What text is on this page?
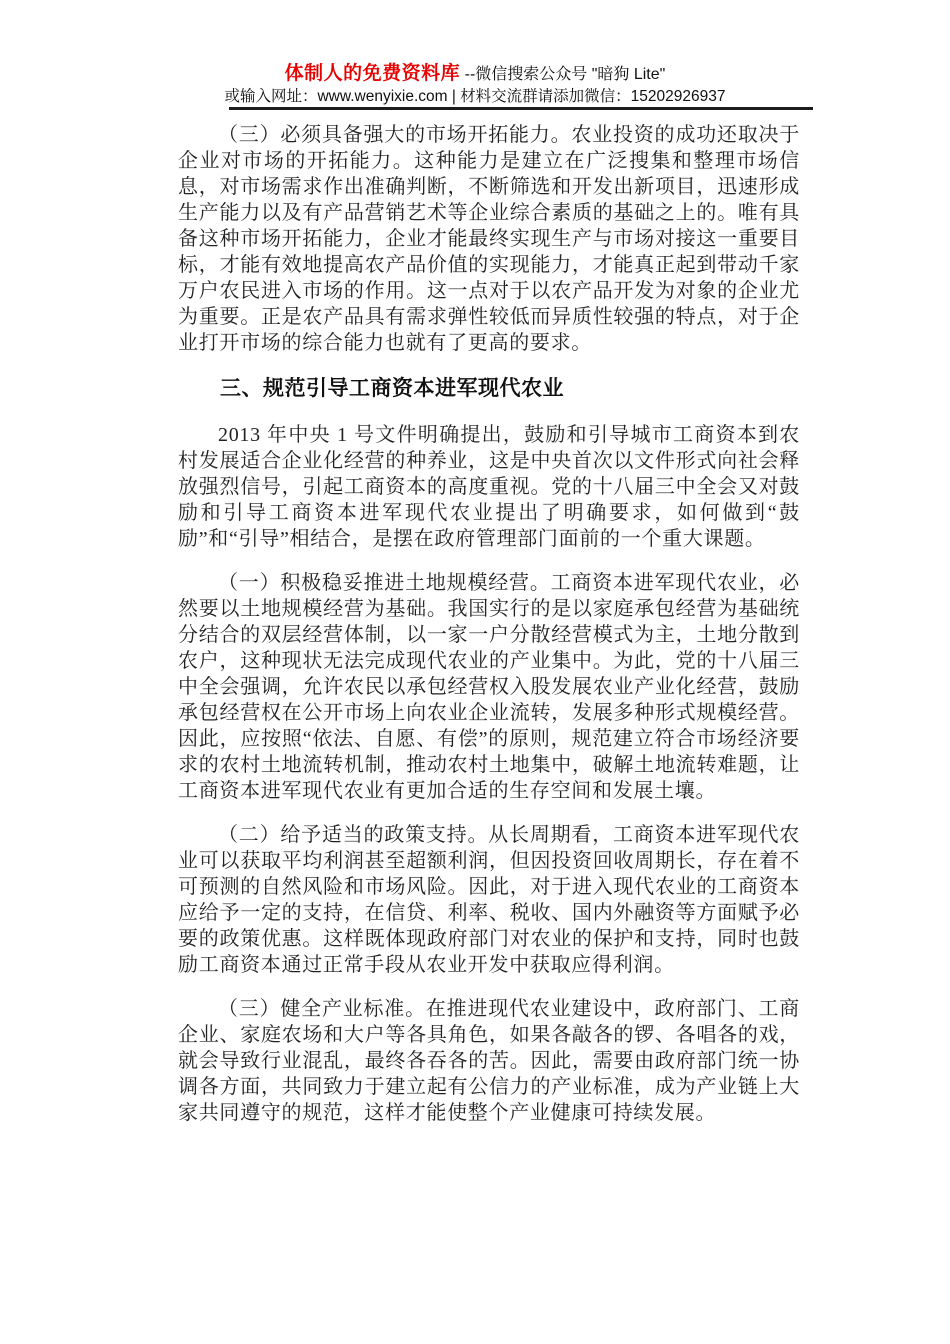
体制人的免费资料库 --微信搜索公众号 "暗狗 Lite"
或输入网址：www.wenyixie.com | 材料交流群请添加微信：15202926937

（三）必须具备强大的市场开拓能力。农业投资的成功还取决于企业对市场的开拓能力。这种能力是建立在广泛搜集和整理市场信息，对市场需求作出准确判断，不断筛选和开发出新项目，迅速形成生产能力以及有产品营销艺术等企业综合素质的基础之上的。唯有具备这种市场开拓能力，企业才能最终实现生产与市场对接这一重要目标，才能有效地提高农产品价值的实现能力，才能真正起到带动千家万户农民进入市场的作用。这一点对于以农产品开发为对象的企业尤为重要。正是农产品具有需求弹性较低而异质性较强的特点，对于企业打开市场的综合能力也就有了更高的要求。

三、规范引导工商资本进军现代农业

2013 年中央 1 号文件明确提出，鼓励和引导城市工商资本到农村发展适合企业化经营的种养业，这是中央首次以文件形式向社会释放强烈信号，引起工商资本的高度重视。党的十八届三中全会又对鼓励和引导工商资本进军现代农业提出了明确要求，如何做到“鼓励”和“引导”相结合，是摆在政府管理部门面前的一个重大课题。

（一）积极稳妥推进土地规模经营。工商资本进军现代农业，必然要以土地规模经营为基础。我国实行的是以家庭承包经营为基础统分结合的双层经营体制，以一家一户分散经营模式为主，土地分散到农户，这种现状无法完成现代农业的产业集中。为此，党的十八届三中全会强调，允许农民以承包经营权入股发展农业产业化经营，鼓励承包经营权在公开市场上向农业企业流转，发展多种形式规模经营。因此，应按照“依法、自愿、有偿”的原则，规范建立符合市场经济要求的农村土地流转机制，推动农村土地集中，破解土地流转难题，让工商资本进军现代农业有更加合适的生存空间和发展土壤。

（二）给予适当的政策支持。从长周期看，工商资本进军现代农业可以获取平均利润甚至超额利润，但因投资回收周期长，存在着不可预测的自然风险和市场风险。因此，对于进入现代农业的工商资本应给予一定的支持，在信贷、利率、税收、国内外融资等方面赋予必要的政策优惠。这样既体现政府部门对农业的保护和支持，同时也鼓励工商资本通过正常手段从农业开发中获取应得利润。

（三）健全产业标准。在推进现代农业建设中，政府部门、工商企业、家庭农场和大户等各具角色，如果各敲各的锣、各唱各的戏，就会导致行业混乱，最终各吞各的苦。因此，需要由政府部门统一协调各方面，共同致力于建立起有公信力的产业标准，成为产业链上大家共同遵守的规范，这样才能使整个产业健康可持续发展。
